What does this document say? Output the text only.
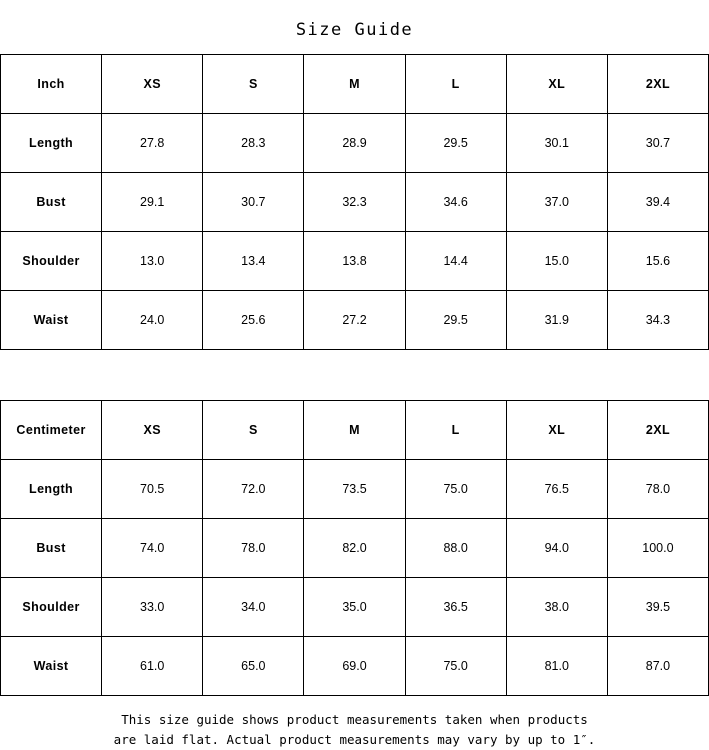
Size Guide
Inch	XS	S	M	L	XL	2XL
Length	27.8	28.3	28.9	29.5	30.1	30.7
Bust	29.1	30.7	32.3	34.6	37.0	39.4
Shoulder	13.0	13.4	13.8	14.4	15.0	15.6
Waist	24.0	25.6	27.2	29.5	31.9	34.3
Centimeter	XS	S	M	L	XL	2XL
Length	70.5	72.0	73.5	75.0	76.5	78.0
Bust	74.0	78.0	82.0	88.0	94.0	100.0
Shoulder	33.0	34.0	35.0	36.5	38.0	39.5
Waist	61.0	65.0	69.0	75.0	81.0	87.0
This size guide shows product measurements taken when products
are laid flat. Actual product measurements may vary by up to 1″.
